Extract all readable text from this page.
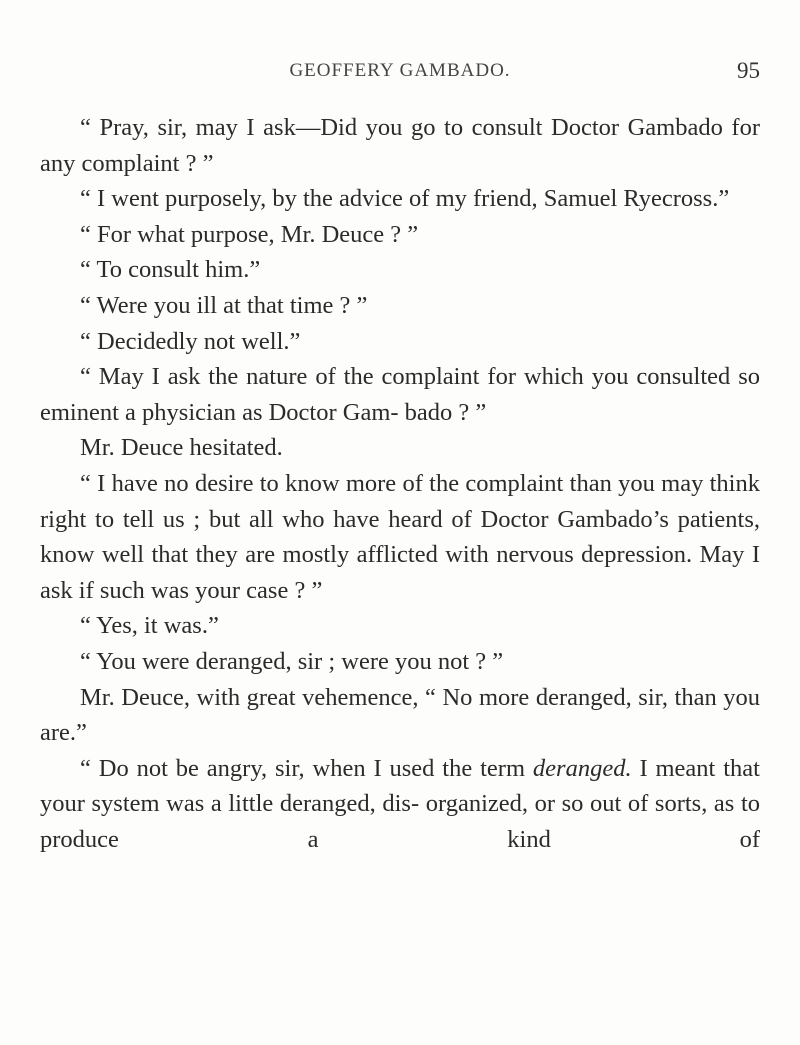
GEOFFERY GAMBADO.	95

“ Pray, sir, may I ask—Did you go to consult Doctor Gambado for any complaint ? ”

“ I went purposely, by the advice of my friend, Samuel Ryecross.”

“ For what purpose, Mr. Deuce ? ”

“ To consult him.”

“ Were you ill at that time ? ”

“ Decidedly not well.”

“ May I ask the nature of the complaint for which you consulted so eminent a physician as Doctor Gam- bado ? ”

Mr. Deuce hesitated.

“ I have no desire to know more of the complaint than you may think right to tell us ; but all who have heard of Doctor Gambado’s patients, know well that they are mostly afflicted with nervous depression. May I ask if such was your case ? ”

“ Yes, it was.”

“ You were deranged, sir ; were you not ? ”

Mr. Deuce, with great vehemence, “ No more deranged, sir, than you are.”

“ Do not be angry, sir, when I used the term deranged. I meant that your system was a little deranged, dis- organized, or so out of sorts, as to produce a kind of
